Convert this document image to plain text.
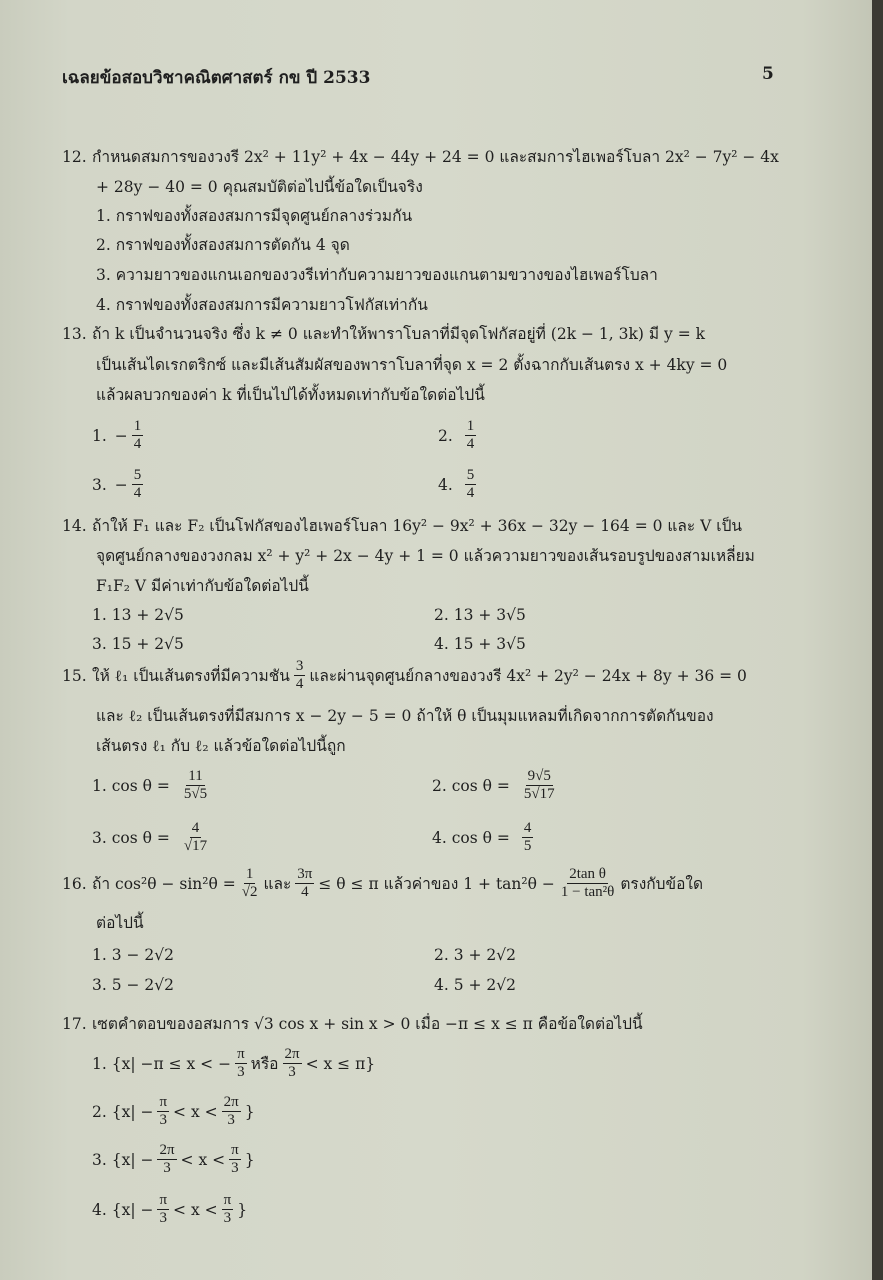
เฉลยข้อสอบวิชาคณิตศาสตร์ กข ปี 2533	5
12. กำหนดสมการของวงรี 2x² + 11y² + 4x − 44y + 24 = 0 และสมการไฮเพอร์โบลา 2x² − 7y² − 4x
+ 28y − 40 = 0 คุณสมบัติต่อไปนี้ข้อใดเป็นจริง
1. กราฟของทั้งสองสมการมีจุดศูนย์กลางร่วมกัน
2. กราฟของทั้งสองสมการตัดกัน 4 จุด
3. ความยาวของแกนเอกของวงรีเท่ากับความยาวของแกนตามขวางของไฮเพอร์โบลา
4. กราฟของทั้งสองสมการมีความยาวโฟกัสเท่ากัน
13. ถ้า k เป็นจำนวนจริง ซึ่ง k ≠ 0 และทำให้พาราโบลาที่มีจุดโฟกัสอยู่ที่ (2k − 1, 3k) มี y = k
เป็นเส้นไดเรกตริกซ์ และมีเส้นสัมผัสของพาราโบลาที่จุด x = 2 ตั้งฉากกับเส้นตรง x + 4ky = 0
แล้วผลบวกของค่า k ที่เป็นไปได้ทั้งหมดเท่ากับข้อใดต่อไปนี้
1. − $\frac{1}{4}$	2. $\frac{1}{4}$
3. − $\frac{5}{4}$	4. $\frac{5}{4}$
14. ถ้าให้ F₁ และ F₂ เป็นโฟกัสของไฮเพอร์โบลา 16y² − 9x² + 36x − 32y − 164 = 0 และ V เป็น
จุดศูนย์กลางของวงกลม x² + y² + 2x − 4y + 1 = 0 แล้วความยาวของเส้นรอบรูปของสามเหลี่ยม
F₁F₂ V มีค่าเท่ากับข้อใดต่อไปนี้
1. 13 + 2√5	2. 13 + 3√5
3. 15 + 2√5	4. 15 + 3√5
15. ให้ ℓ₁ เป็นเส้นตรงที่มีความชัน $\frac{3}{4}$ และผ่านจุดศูนย์กลางของวงรี 4x² + 2y² − 24x + 8y + 36 = 0
และ ℓ₂ เป็นเส้นตรงที่มีสมการ x − 2y − 5 = 0 ถ้าให้ θ เป็นมุมแหลมที่เกิดจากการตัดกันของ
เส้นตรง ℓ₁ กับ ℓ₂ แล้วข้อใดต่อไปนี้ถูก
1. $\cos \theta = \frac{11}{5√5}$	2. $\cos \theta = \frac{9√5}{5√17}$
3. $\cos \theta = \frac{4}{√17}$	4. $\cos \theta = \frac{4}{5}$
16. ถ้า $\cos^2\theta - \sin^2\theta = \frac{1}{√2}$ และ $\frac{3\pi}{4} \le \theta \le \pi$ แล้วค่าของ $1 + \tan^2\theta - \frac{\text{2tan θ}}{\text{1 − tan²θ}}$ ตรงกับข้อใด
ต่อไปนี้
1. 3 − 2√2	2. 3 + 2√2
3. 5 − 2√2	4. 5 + 2√2
17. เซตคำตอบของอสมการ √3 cos x + sin x > 0 เมื่อ −π ≤ x ≤ π คือข้อใดต่อไปนี้
1. {x| −π ≤ x < − $\frac{\pi}{3}$ หรือ $\frac{2\pi}{3} < x \le \pi$}
2. {$x| - \frac{\pi}{3} < x < \frac{2\pi}{3}$ }
3. {$x| - \frac{2\pi}{3} < x < \frac{\pi}{3}$ }
4. {$x| - \frac{\pi}{3} < x < \frac{\pi}{3}$ }
